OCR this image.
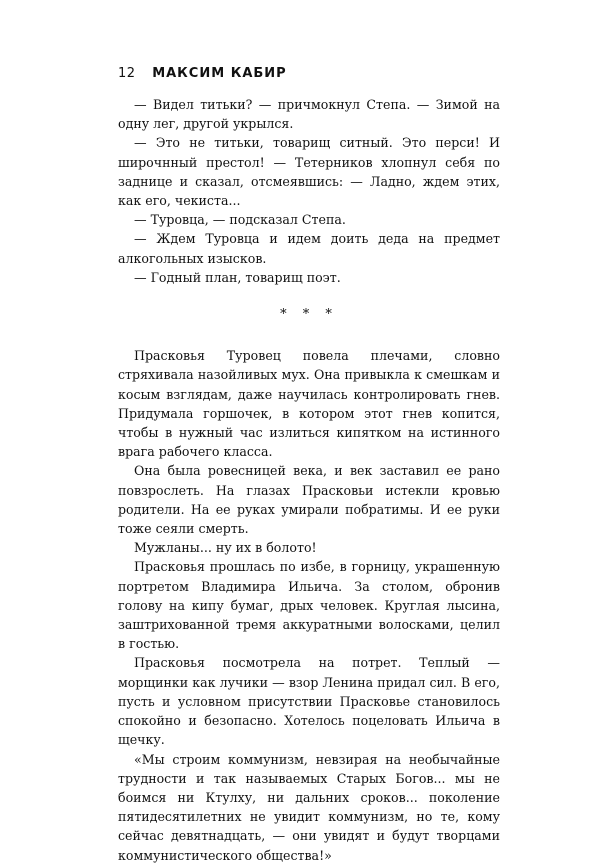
12 МАКСИМ КАБИР

— Видел титьки? — причмокнул Степа. — Зимой на одну лег, другой укрылся.

— Это не титьки, товарищ ситный. Это перси! И широчнный престол! — Тетерников хлопнул себя по заднице и сказал, отсмеявшись: — Ладно, ждем этих, как его, чекиста...

— Туровца, — подсказал Степа.

— Ждем Туровца и идем доить деда на предмет алкогольных изысков.

— Годный план, товарищ поэт.

* * *

Прасковья Туровец повела плечами, словно стряхивала назойливых мух. Она привыкла к смешкам и косым взглядам, даже научилась контролировать гнев. Придумала горшочек, в котором этот гнев копится, чтобы в нужный час излиться кипятком на истинного врага рабочего класса.

Она была ровесницей века, и век заставил ее рано повзрослеть. На глазах Прасковьи истекли кровью родители. На ее руках умирали побратимы. И ее руки тоже сеяли смерть.

Мужланы... ну их в болото!

Прасковья прошлась по избе, в горницу, украшенную портретом Владимира Ильича. За столом, обронив голову на кипу бумаг, дрых человек. Круглая лысина, заштрихованной тремя аккуратными волосками, целил в гостью.

Прасковья посмотрела на потрет. Теплый — морщинки как лучики — взор Ленина придал сил. В его, пусть и условном присутствии Прасковье становилось спокойно и безопасно. Хотелось поцеловать Ильича в щечку.

«Мы строим коммунизм, невзирая на необычайные трудности и так называемых Старых Богов... мы не боимся ни Ктулху, ни дальних сроков... поколение пятидесятилетних не увидит коммунизм, но те, кому сейчас девятнадцать, — они увидят и будут творцами коммунистического общества!»
